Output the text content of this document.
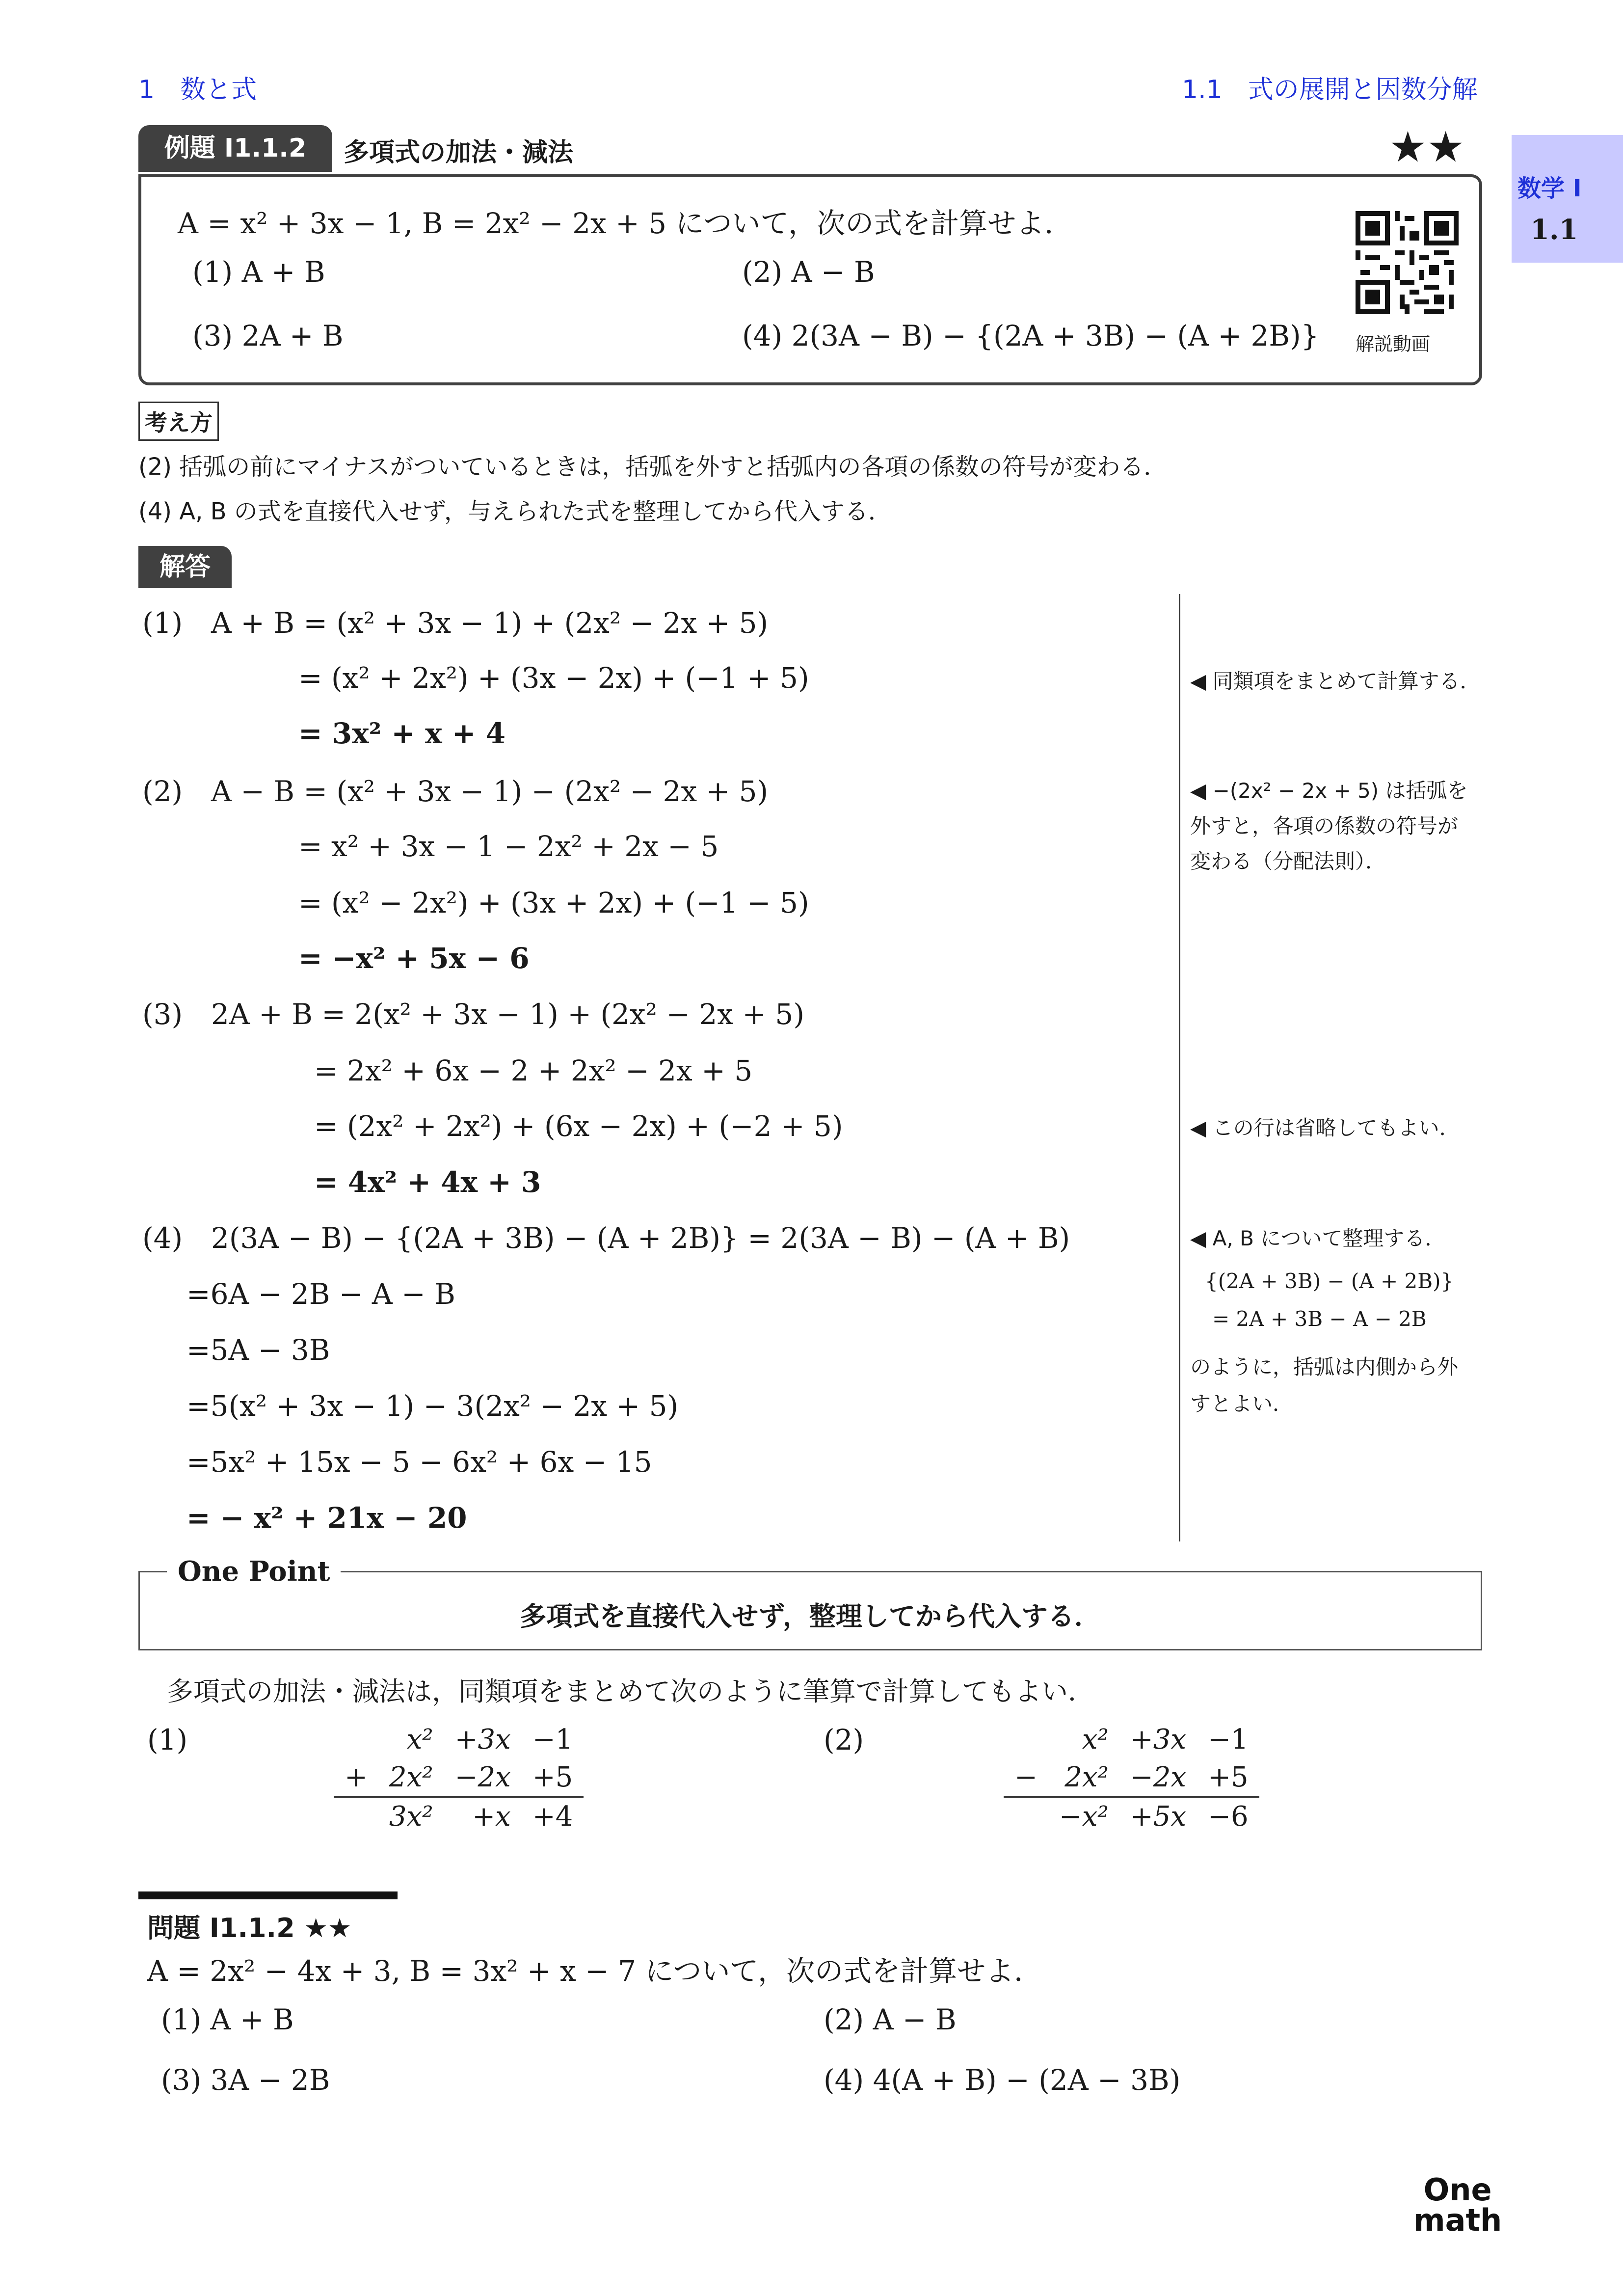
1　数と式	1.1　式の展開と因数分解
数学 I
1.1
例題 I1.1.2	多項式の加法・減法	★★
A = x² + 3x − 1, B = 2x² − 2x + 5 について，次の式を計算せよ．
(1) A + B	(2) A − B
(3) 2A + B	(4) 2(3A − B) − {(2A + 3B) − (A + 2B)} 解説動画
考え方
(2) 括弧の前にマイナスがついているときは，括弧を外すと括弧内の各項の係数の符号が変わる．
(4) A, B の式を直接代入せず，与えられた式を整理してから代入する．
解答
(1) A + B = (x² + 3x − 1) + (2x² − 2x + 5)
= (x² + 2x²) + (3x − 2x) + (−1 + 5)
= 3x² + x + 4
(2) A − B = (x² + 3x − 1) − (2x² − 2x + 5)
= x² + 3x − 1 − 2x² + 2x − 5
= (x² − 2x²) + (3x + 2x) + (−1 − 5)
= −x² + 5x − 6
(3) 2A + B = 2(x² + 3x − 1) + (2x² − 2x + 5)
= 2x² + 6x − 2 + 2x² − 2x + 5
= (2x² + 2x²) + (6x − 2x) + (−2 + 5)
= 4x² + 4x + 3
(4) 2(3A − B) − {(2A + 3B) − (A + 2B)} = 2(3A − B) − (A + B)
=6A − 2B − A − B
=5A − 3B
=5(x² + 3x − 1) − 3(2x² − 2x + 5)
=5x² + 15x − 5 − 6x² + 6x − 15
= − x² + 21x − 20
◀ 同類項をまとめて計算する．
◀ −(2x² − 2x + 5) は括弧を
外すと，各項の係数の符号が
変わる（分配法則）．
◀ この行は省略してもよい．
◀ A, B について整理する．
{(2A + 3B) − (A + 2B)}
= 2A + 3B − A − 2B
のように，括弧は内側から外
すとよい．
One Point
多項式を直接代入せず，整理してから代入する．
多項式の加法・減法は，同類項をまとめて次のように筆算で計算してもよい．
(1)
		x²	+3x	−1
+	2x²	−2x	+5
	3x²	+x	+4
(2)
		x²	+3x	−1
−	2x²	−2x	+5
	−x²	+5x	−6
問題 I1.1.2 ★★
A = 2x² − 4x + 3, B = 3x² + x − 7 について，次の式を計算せよ．
(1) A + B	(2) A − B
(3) 3A − 2B	(4) 4(A + B) − (2A − 3B)
One
math
